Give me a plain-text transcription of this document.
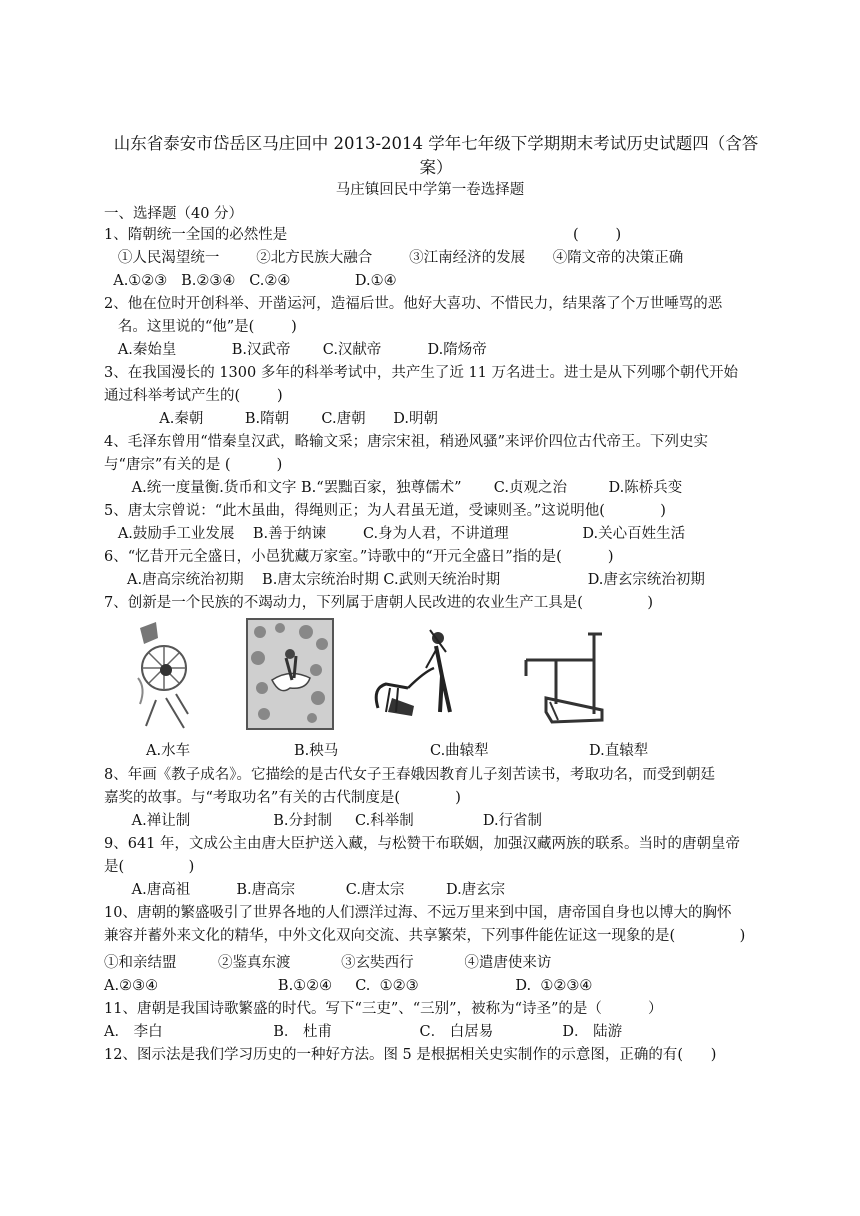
山东省泰安市岱岳区马庄回中 2013-2014 学年七年级下学期期末考试历史试题四（含答
案）
马庄镇回民中学第一卷选择题
一、选择题（40 分）
1、隋朝统一全国的必然性是                                                              (        )
①人民渴望统一        ②北方民族大融合        ③江南经济的发展      ④隋文帝的决策正确
A.①②③   B.②③④   C.②④              D.①④
2、他在位时开创科举、开凿运河，造福后世。他好大喜功、不惜民力，结果落了个万世唾骂的恶
名。这里说的“他”是(        )
A.秦始皇            B.汉武帝       C.汉献帝          D.隋炀帝
3、在我国漫长的 1300 多年的科举考试中，共产生了近 11 万名进士。进士是从下列哪个朝代开始
通过科举考试产生的(        )
A.秦朝         B.隋朝       C.唐朝      D.明朝
4、毛泽东曾用“惜秦皇汉武，略输文采；唐宗宋祖，稍逊风骚”来评价四位古代帝王。下列史实
与“唐宗”有关的是 (          )
A.统一度量衡.货币和文字 B.“罢黜百家，独尊儒术”       C.贞观之治         D.陈桥兵变
5、唐太宗曾说：“此木虽曲，得绳则正；为人君虽无道，受谏则圣。”这说明他(            )
A.鼓励手工业发展    B.善于纳谏        C.身为人君，不讲道理                D.关心百姓生活
6、“忆昔开元全盛日，小邑犹藏万家室。”诗歌中的“开元全盛日”指的是(          )
A.唐高宗统治初期    B.唐太宗统治时期 C.武则天统治时期                   D.唐玄宗统治初期
7、创新是一个民族的不竭动力，下列属于唐朝人民改进的农业生产工具是(              )
A.水车	B.秧马	C.曲辕犁	D.直辕犁
8、年画《教子成名》。它描绘的是古代女子王春娥因教育儿子刻苦读书，考取功名，而受到朝廷
嘉奖的故事。与“考取功名”有关的古代制度是(            )
A.禅让制                  B.分封制     C.科举制               D.行省制
9、641 年，文成公主由唐大臣护送入藏，与松赞干布联姻，加强汉藏两族的联系。当时的唐朝皇帝
是(              )
A.唐高祖          B.唐高宗           C.唐太宗         D.唐玄宗
10、唐朝的繁盛吸引了世界各地的人们漂洋过海、不远万里来到中国，唐帝国自身也以博大的胸怀
兼容并蓄外来文化的精华，中外文化双向交流、共享繁荣，下列事件能佐证这一现象的是(              )
①和亲结盟         ②鉴真东渡           ③玄奘西行           ④遣唐使来访
A.②③④                          B.①②④     C.  ①②③                     D.  ①②③④
11、唐朝是我国诗歌繁盛的时代。写下“三吏”、“三别”，被称为“诗圣”的是（          ）
A． 李白                        B． 杜甫                   C． 白居易               D． 陆游
12、图示法是我们学习历史的一种好方法。图 5 是根据相关史实制作的示意图，正确的有(      )
